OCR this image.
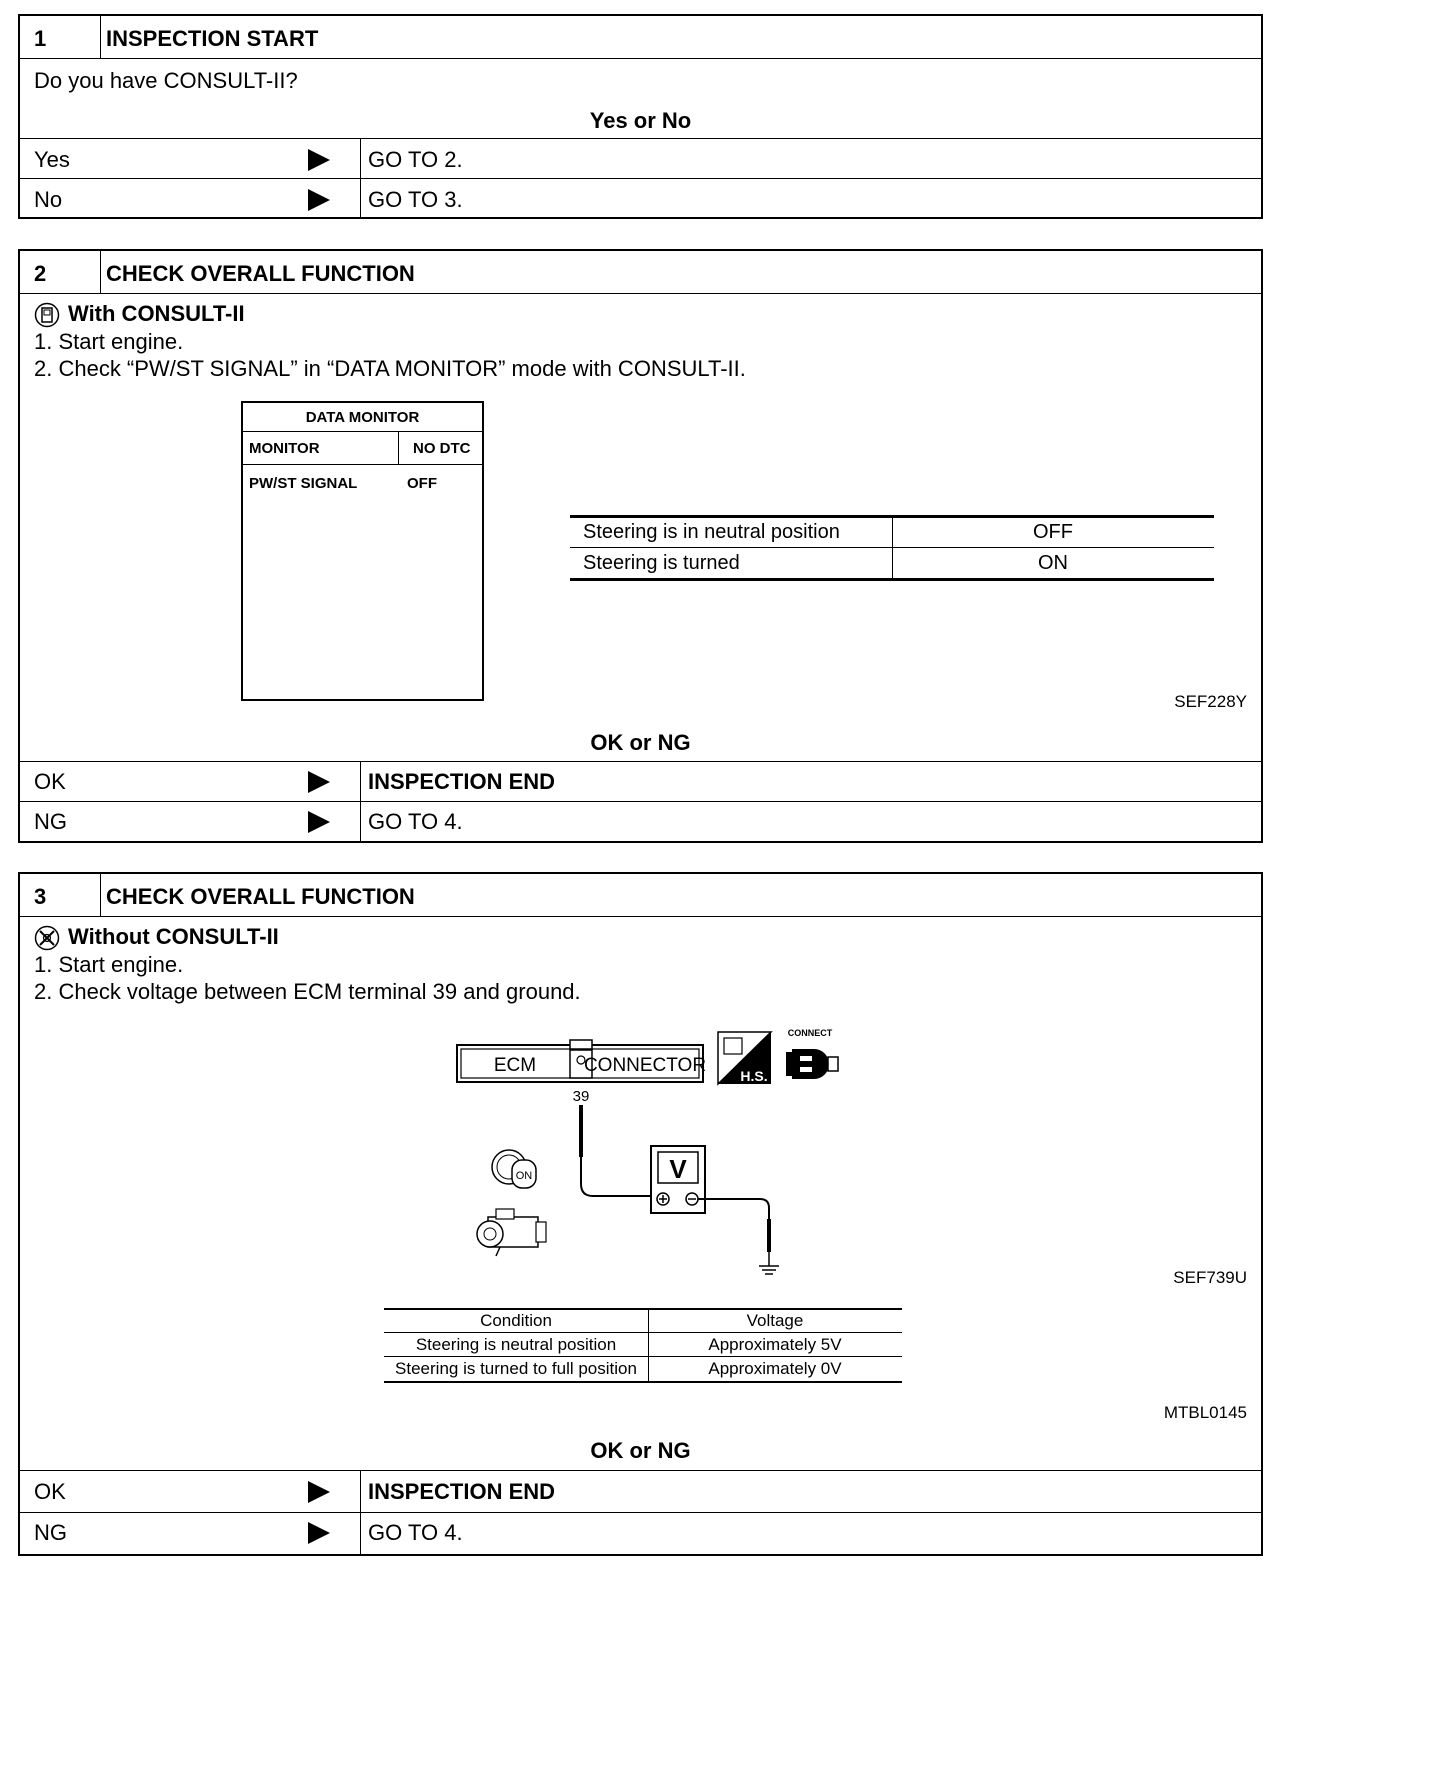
1	INSPECTION START
Do you have CONSULT-II?
Yes or No
Yes	GO TO 2.
No	GO TO 3.
2	CHECK OVERALL FUNCTION
With CONSULT-II
1. Start engine.
2. Check “PW/ST SIGNAL” in “DATA MONITOR” mode with CONSULT-II.
DATA MONITOR
MONITOR	NO DTC
PW/ST SIGNAL	OFF
Steering is in neutral position	OFF
Steering is turned	ON
SEF228Y
OK or NG
OK	INSPECTION END
NG	GO TO 4.
3	CHECK OVERALL FUNCTION
Without CONSULT-II
1. Start engine.
2. Check voltage between ECM terminal 39 and ground.
ECM	CONNECTOR
39
H.S.
CONNECT
V
ON
SEF739U
Condition	Voltage
Steering is neutral position	Approximately 5V
Steering is turned to full position	Approximately 0V
MTBL0145
OK or NG
OK	INSPECTION END
NG	GO TO 4.
